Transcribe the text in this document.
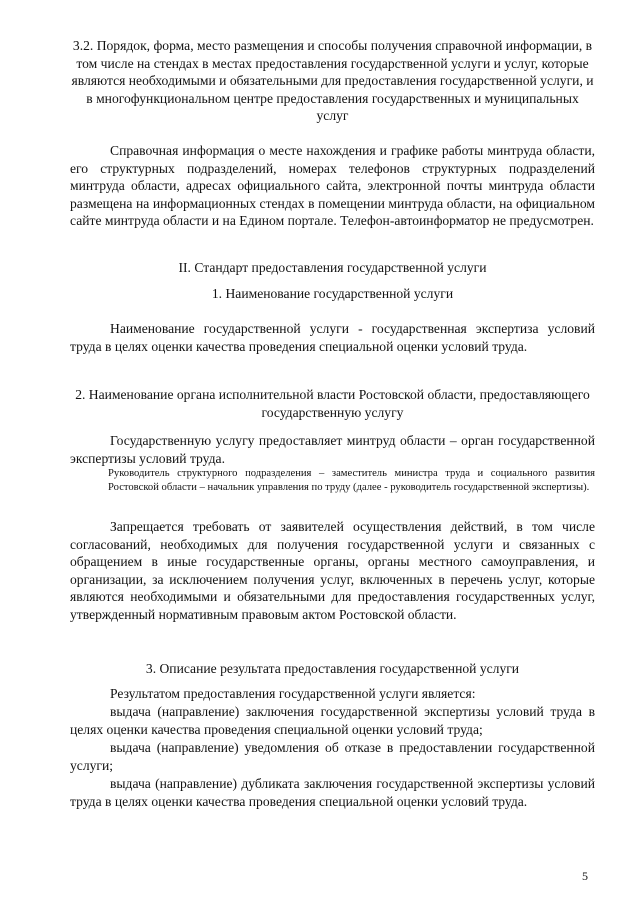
3.2. Порядок, форма, место размещения и способы получения справочной информации, в том числе на стендах в местах предоставления государственной услуги и услуг, которые являются необходимыми и обязательными для предоставления государственной услуги, и в многофункциональном центре предоставления государственных и муниципальных услуг

Справочная информация о месте нахождения и графике работы минтруда области, его структурных подразделений, номерах телефонов структурных подразделений минтруда области, адресах официального сайта, электронной почты минтруда области размещена на информационных стендах в помещении минтруда области, на официальном сайте минтруда области и на Едином портале. Телефон-автоинформатор не предусмотрен.

II. Стандарт предоставления государственной услуги

1. Наименование государственной услуги

Наименование государственной услуги - государственная экспертиза условий труда в целях оценки качества проведения специальной оценки условий труда.

2. Наименование органа исполнительной власти Ростовской области, предоставляющего государственную услугу

Государственную услугу предоставляет минтруд области – орган государственной экспертизы условий труда.

Руководитель структурного подразделения – заместитель министра труда и социального развития Ростовской области – начальник управления по труду (далее - руководитель государственной экспертизы).

Запрещается требовать от заявителей осуществления действий, в том числе согласований, необходимых для получения государственной услуги и связанных с обращением в иные государственные органы, органы местного самоуправления, и организации, за исключением получения услуг, включенных в перечень услуг, которые являются необходимыми и обязательными для предоставления государственных услуг, утвержденный нормативным правовым актом Ростовской области.

3. Описание результата предоставления государственной услуги

Результатом предоставления государственной услуги является:

выдача (направление) заключения государственной экспертизы условий труда в целях оценки качества проведения специальной оценки условий труда;

выдача (направление) уведомления об отказе в предоставлении государственной услуги;

выдача (направление) дубликата заключения государственной экспертизы условий труда в целях оценки качества проведения специальной оценки условий труда.

5
